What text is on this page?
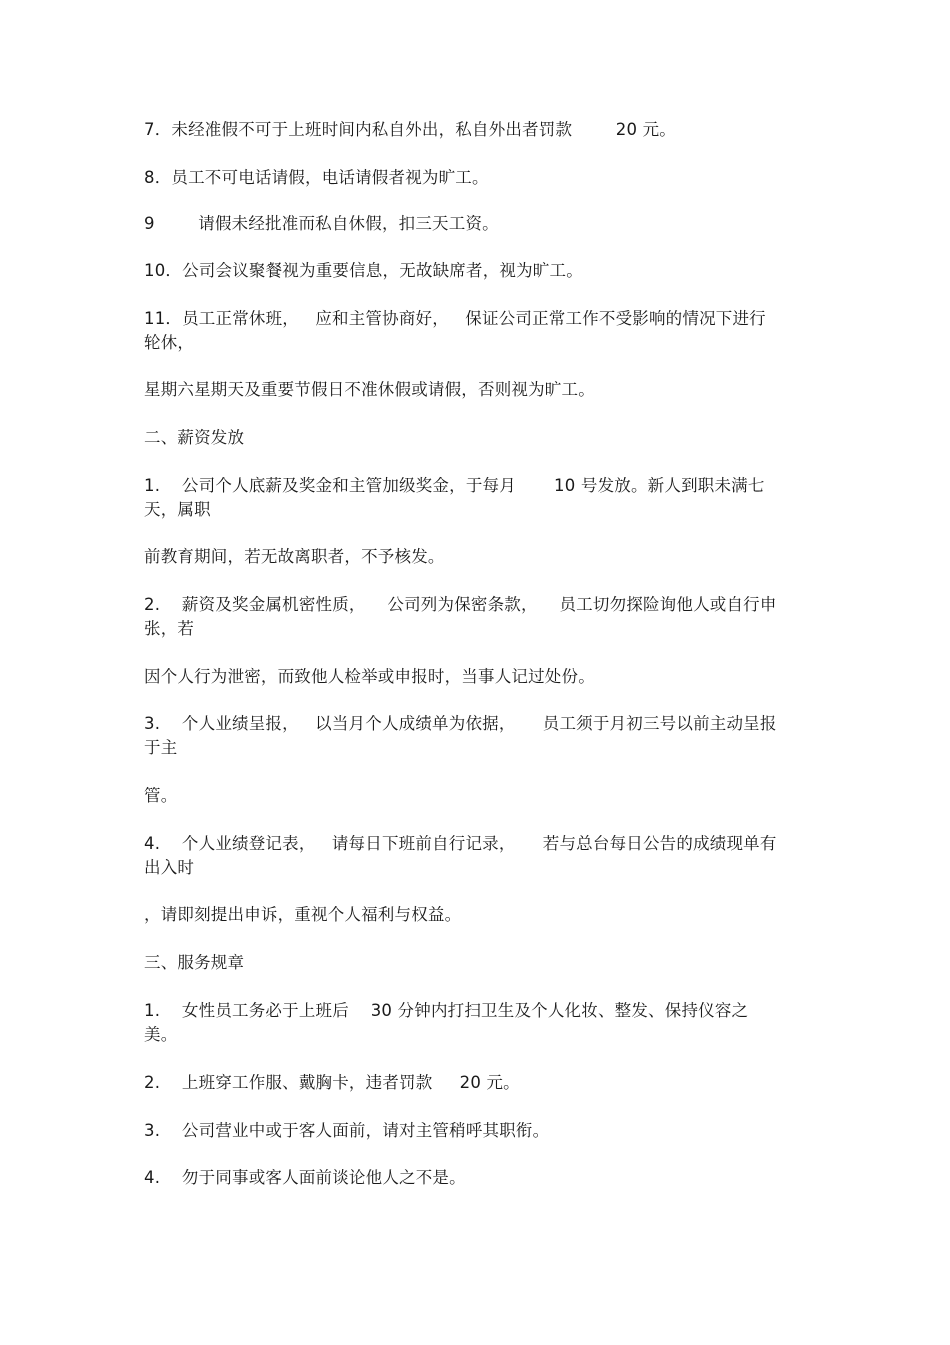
7．未经准假不可于上班时间内私自外出，私自外出者罚款        20 元。
8．员工不可电话请假，电话请假者视为旷工。
9        请假未经批准而私自休假，扣三天工资。
10．公司会议聚餐视为重要信息，无故缺席者，视为旷工。
11．员工正常休班，   应和主管协商好，   保证公司正常工作不受影响的情况下进行
轮休，
星期六星期天及重要节假日不准休假或请假，否则视为旷工。
二、薪资发放
1.    公司个人底薪及奖金和主管加级奖金，于每月       10 号发放。新人到职未满七
天，属职
前教育期间，若无故离职者，不予核发。
2.    薪资及奖金属机密性质，    公司列为保密条款，    员工切勿探险询他人或自行申
张，若
因个人行为泄密，而致他人检举或申报时，当事人记过处份。
3.    个人业绩呈报，   以当月个人成绩单为依据，     员工须于月初三号以前主动呈报
于主
管。
4.    个人业绩登记表，   请每日下班前自行记录，     若与总台每日公告的成绩现单有
出入时
，请即刻提出申诉，重视个人福利与权益。
三、服务规章
1.    女性员工务必于上班后    30 分钟内打扫卫生及个人化妆、整发、保持仪容之
美。
2.    上班穿工作服、戴胸卡，违者罚款     20 元。
3.    公司营业中或于客人面前，请对主管稍呼其职衔。
4.    勿于同事或客人面前谈论他人之不是。
